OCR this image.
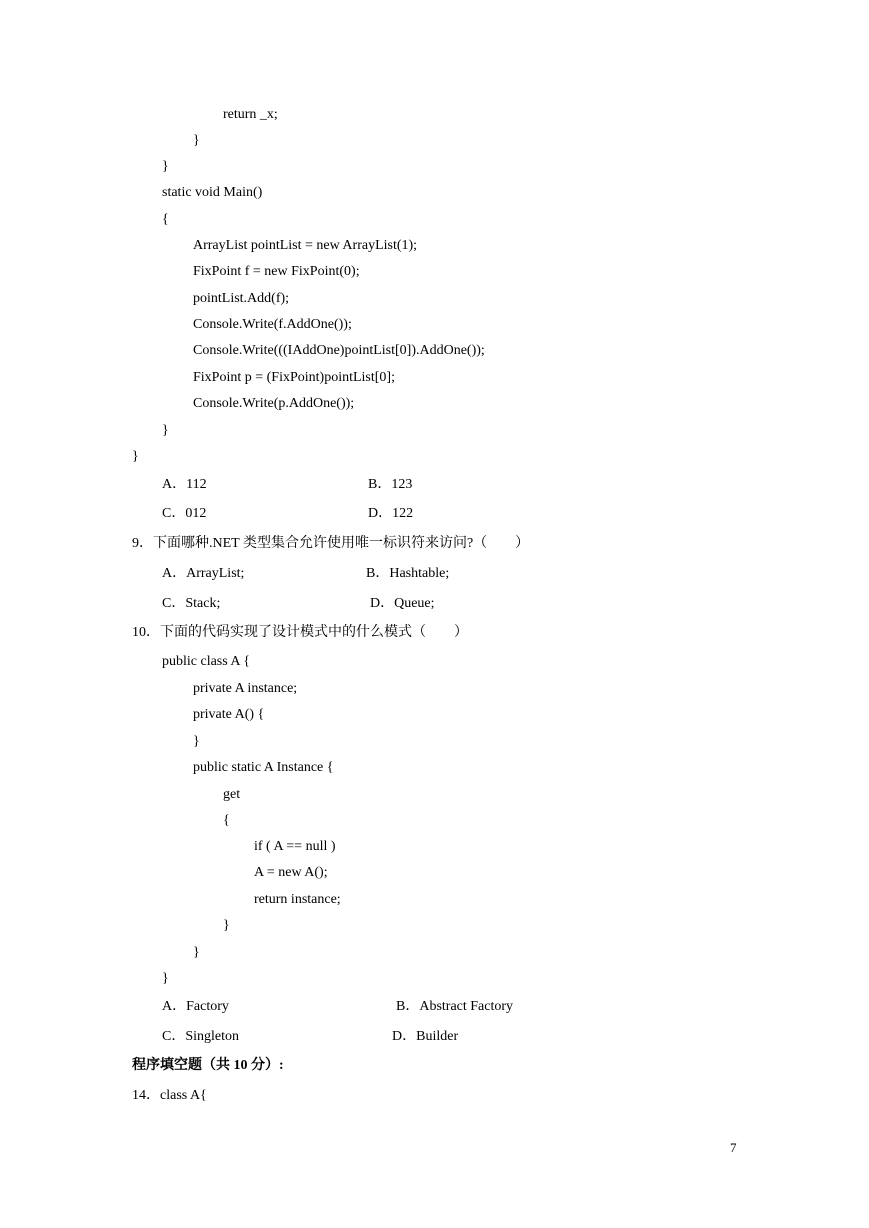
return _x;
}
}
static void Main()
{
ArrayList pointList = new ArrayList(1);
FixPoint f = new FixPoint(0);
pointList.Add(f);
Console.Write(f.AddOne());
Console.Write(((IAddOne)pointList[0]).AddOne());
FixPoint p = (FixPoint)pointList[0];
Console.Write(p.AddOne());
}
}
A．112	B．123
C．012	D．122
9．下面哪种.NET 类型集合允许使用唯一标识符来访问?（　　）
A．ArrayList;	B．Hashtable;
C．Stack;	D．Queue;
10．下面的代码实现了设计模式中的什么模式（　　）
public class A {
private A instance;
private A() {
}
public static A Instance {
get
{
if ( A == null )
A = new A();
return instance;
}
}
}
A．Factory	B．Abstract Factory
C．Singleton	D．Builder
程序填空题（共 10 分）:
14．class A{
7
